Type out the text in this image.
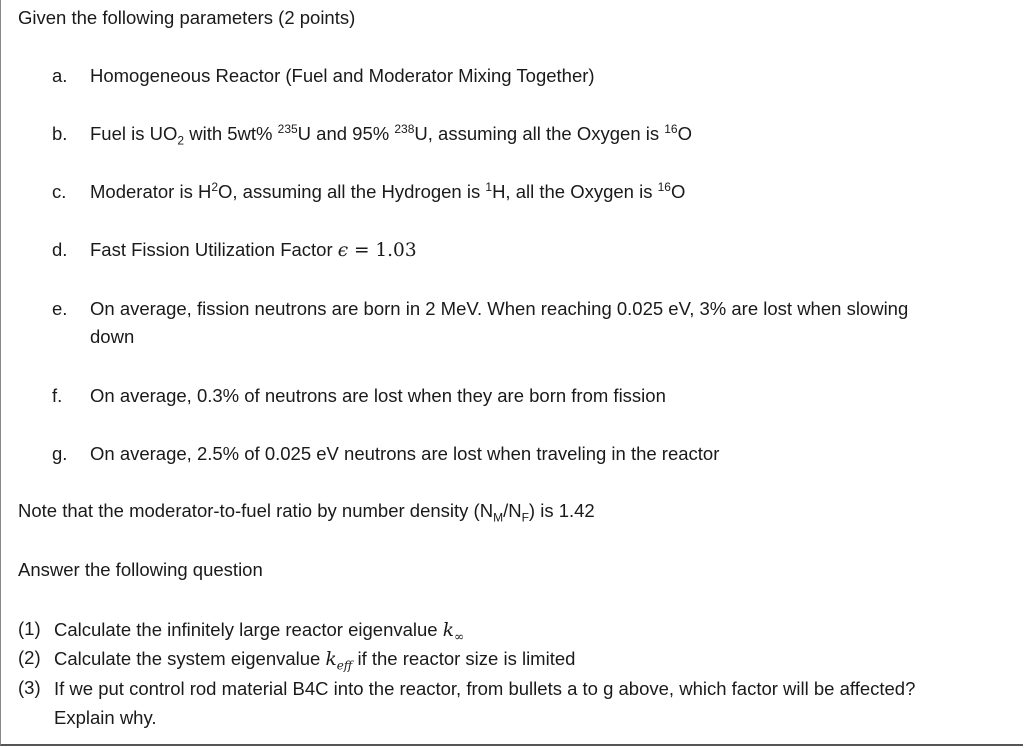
Given the following parameters (2 points)
a.	Homogeneous Reactor (Fuel and Moderator Mixing Together)
b.	Fuel is $UO_2$ with 5wt% $^{235}$U and 95% $^{238}$U, assuming all the Oxygen is $^{16}$O
c.	Moderator is $H^2O$, assuming all the Hydrogen is $^1$H, all the Oxygen is $^{16}$O
d.	Fast Fission Utilization Factor ϵ = 1.03
e.	On average, fission neutrons are born in 2 MeV. When reaching 0.025 eV, 3% are lost when slowing down
f.	On average, 0.3% of neutrons are lost when they are born from fission
g.	On average, 2.5% of 0.025 eV neutrons are lost when traveling in the reactor
Note that the moderator-to-fuel ratio by number density $(N_M/N_F)$ is 1.42
Answer the following question
(1) Calculate the infinitely large reactor eigenvalue $k_\infty$
(2) Calculate the system eigenvalue $k_{eff}$ if the reactor size is limited
(3) If we put control rod material B4C into the reactor, from bullets a to g above, which factor will be affected? Explain why.
